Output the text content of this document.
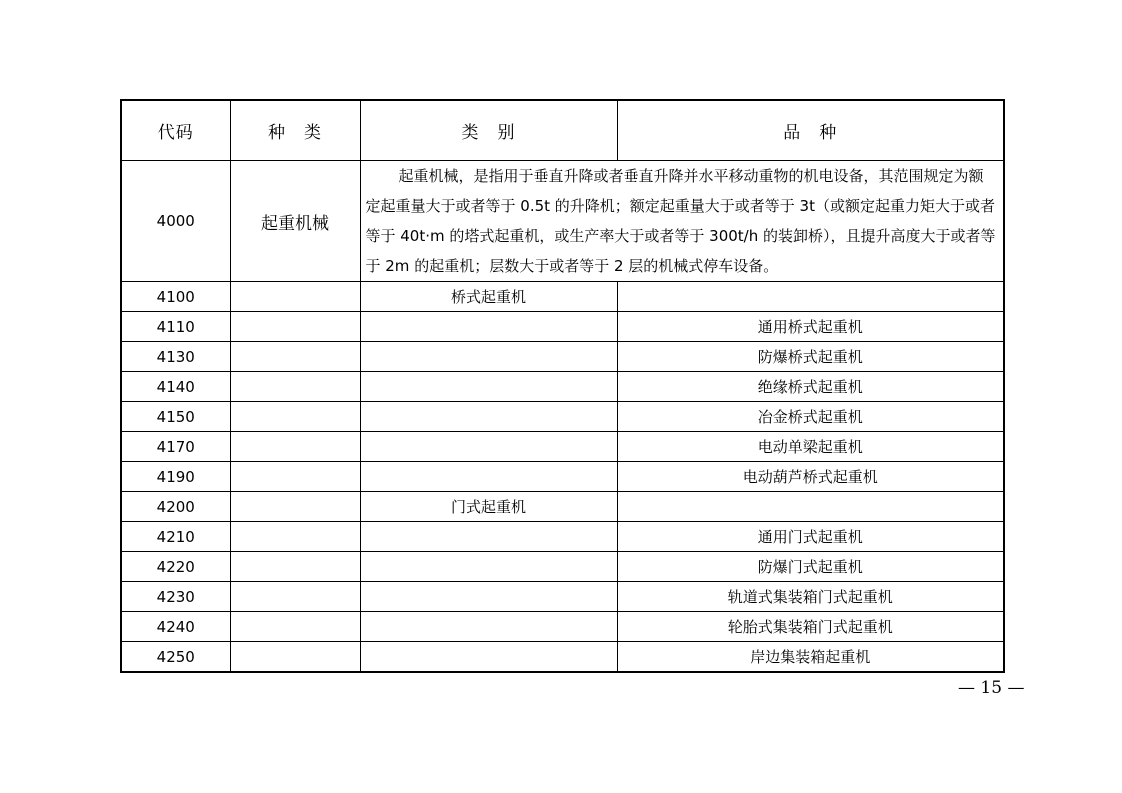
代码	种　类	类　别	品　种
4000	起重机械	起重机械，是指用于垂直升降或者垂直升降并水平移动重物的机电设备，其范围规定为额定起重量大于或者等于 0.5t 的升降机；额定起重量大于或者等于 3t（或额定起重力矩大于或者等于 40t·m 的塔式起重机，或生产率大于或者等于 300t/h 的装卸桥），且提升高度大于或者等于 2m 的起重机；层数大于或者等于 2 层的机械式停车设备。	
4100		桥式起重机	
4110			通用桥式起重机
4130			防爆桥式起重机
4140			绝缘桥式起重机
4150			冶金桥式起重机
4170			电动单梁起重机
4190			电动葫芦桥式起重机
4200		门式起重机	
4210			通用门式起重机
4220			防爆门式起重机
4230			轨道式集装箱门式起重机
4240			轮胎式集装箱门式起重机
4250			岸边集装箱起重机
— 15 —
